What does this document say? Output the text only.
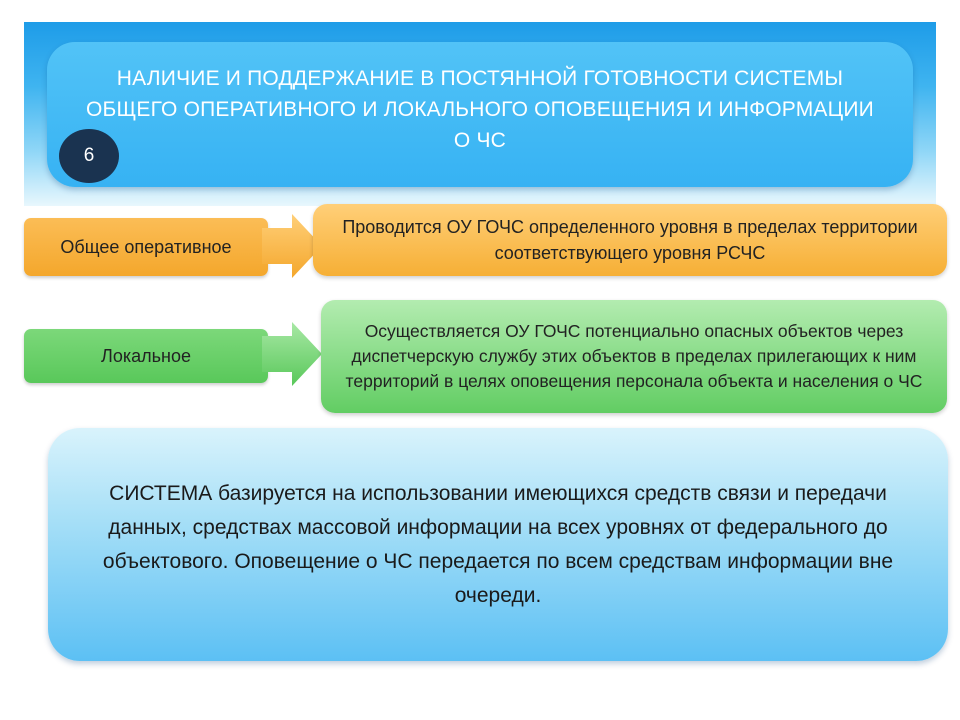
НАЛИЧИЕ И ПОДДЕРЖАНИЕ В ПОСТЯННОЙ ГОТОВНОСТИ СИСТЕМЫ ОБЩЕГО ОПЕРАТИВНОГО И ЛОКАЛЬНОГО ОПОВЕЩЕНИЯ И ИНФОРМАЦИИ О ЧС
6
Общее оперативное
Проводится ОУ ГОЧС определенного уровня в пределах территории соответствующего уровня РСЧС
Локальное
Осуществляется ОУ ГОЧС потенциально опасных объектов через диспетчерскую службу этих объектов в пределах прилегающих к ним территорий в целях оповещения персонала объекта и населения о ЧС
СИСТЕМА базируется на использовании имеющихся средств связи и передачи данных, средствах массовой информации на всех уровнях от федерального до объектового. Оповещение о ЧС передается по всем средствам информации вне очереди.
